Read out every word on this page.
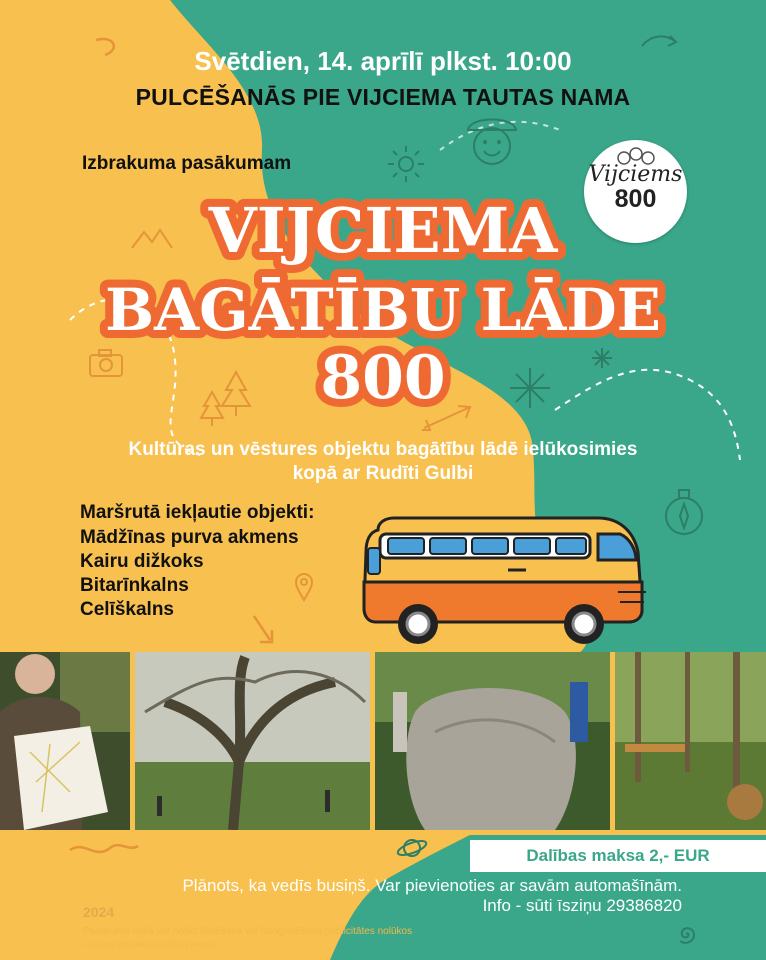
Svētdien, 14. aprīlī plkst. 10:00
PULCĒŠANĀS PIE VIJCIEMA TAUTAS NAMA
Izbrakuma pasākumam	Vijciems
800
VIJCIEMA
BAGĀTĪBU LĀDE
800
Kultūras un vēstures objektu bagātību lādē ielūkosimies
kopā ar Rudīti Gulbi
Maršrutā iekļautie objekti:
Mādžīnas purva akmens
Kairu dižkoks
Bitarīnkalns
Celīškalns
Dalības maksa 2,- EUR
Plānots, ka vedīs busiņš. Var pievienoties ar savām automašīnām.
Info - sūti īsziņu 29386820
2024
Pasākuma laikā var notikt filmēšana vai fotografēšana publicitātes nolūkos
ATBALSTA VIDZEMES KULTŪRAS BIROJS
